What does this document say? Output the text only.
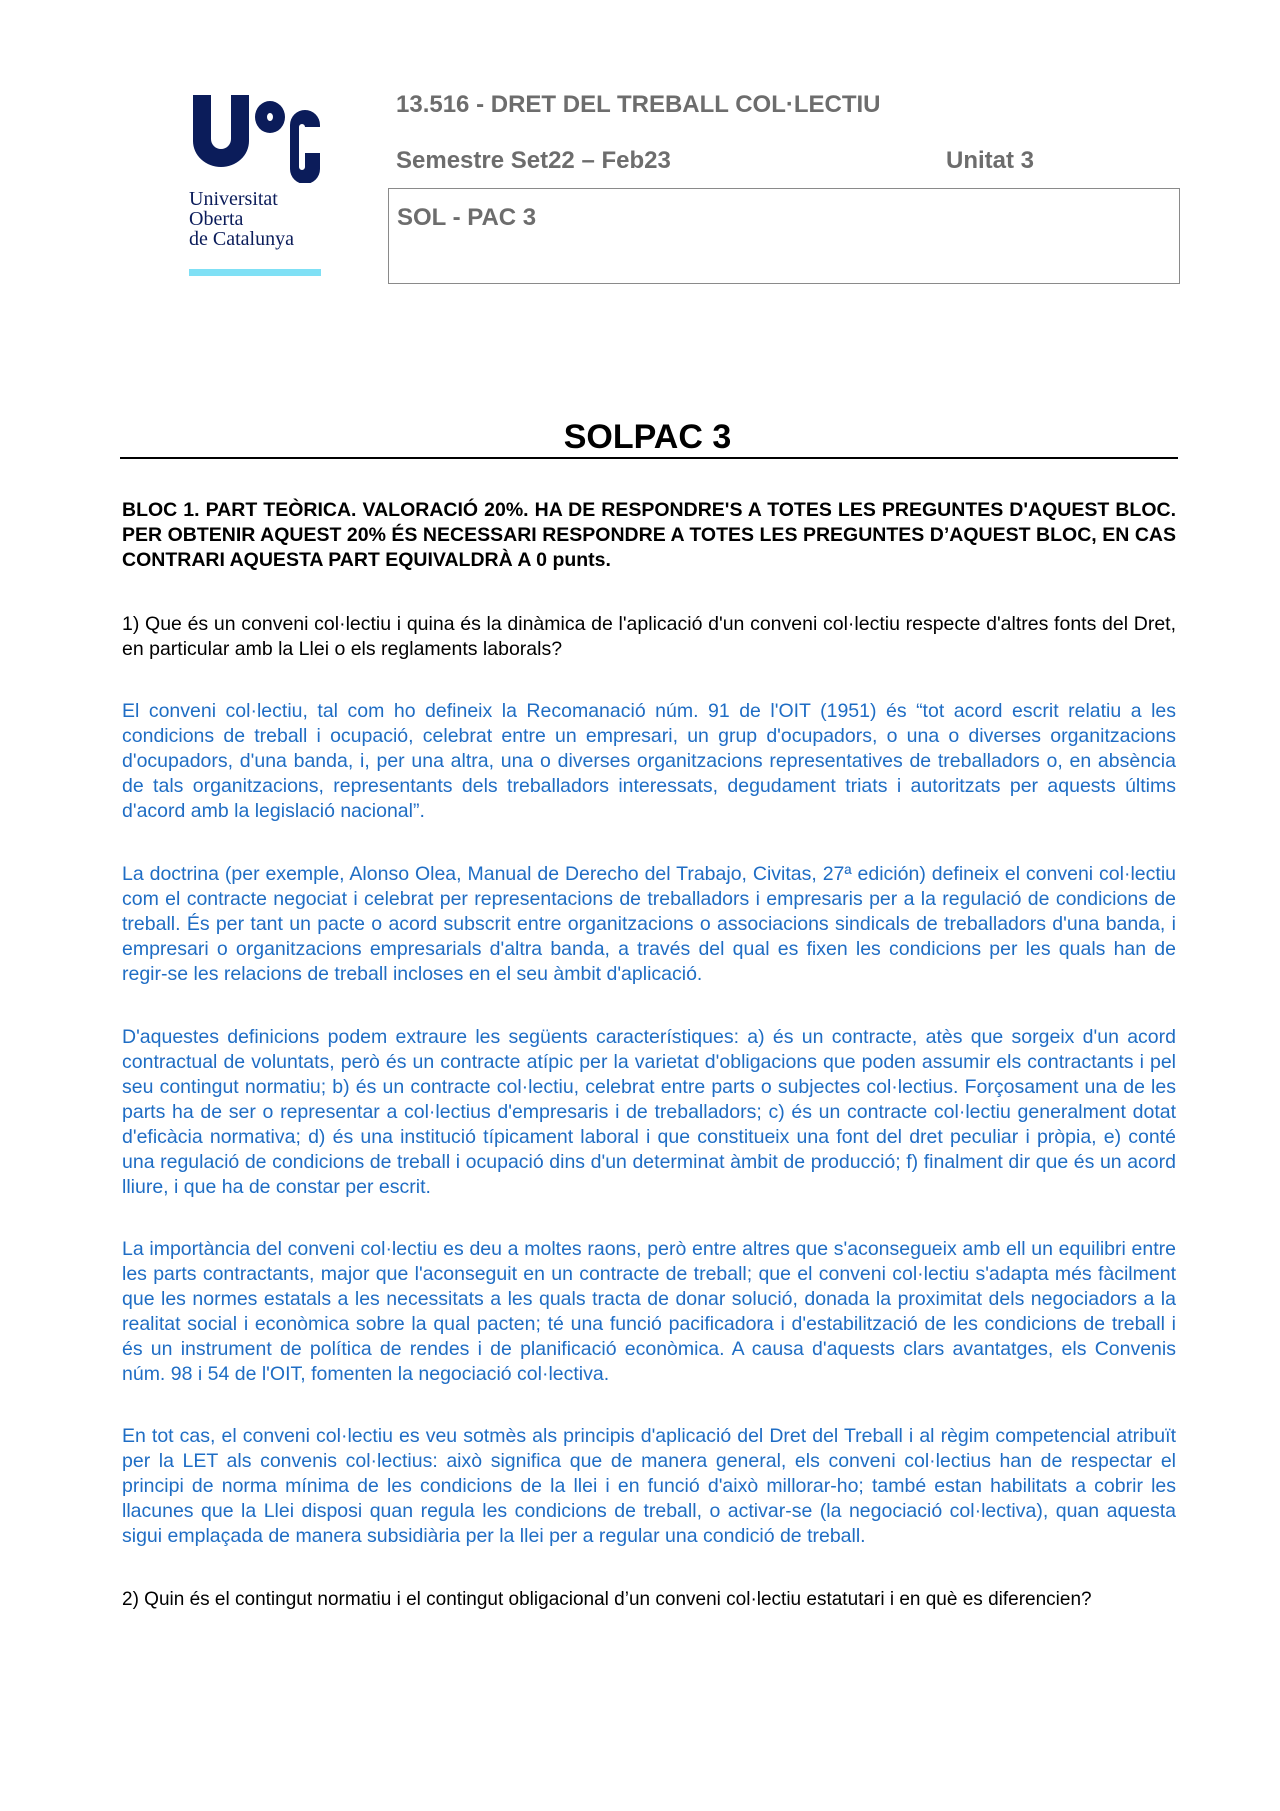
Universitat
Oberta
de Catalunya
13.516 - DRET DEL TREBALL COL·LECTIU
Semestre Set22 – Feb23	Unitat 3
SOL - PAC 3
SOLPAC 3
BLOC 1. PART TEÒRICA. VALORACIÓ 20%. HA DE RESPONDRE'S A TOTES LES PREGUNTES D'AQUEST BLOC. PER OBTENIR AQUEST 20% ÉS NECESSARI RESPONDRE A TOTES LES PREGUNTES D’AQUEST BLOC, EN CAS CONTRARI AQUESTA PART EQUIVALDRÀ A 0 punts.
1) Que és un conveni col·lectiu i quina és la dinàmica de l'aplicació d'un conveni col·lectiu respecte d'altres fonts del Dret, en particular amb la Llei o els reglaments laborals?
El conveni col·lectiu, tal com ho defineix la Recomanació núm. 91 de l'OIT (1951) és “tot acord escrit relatiu a les condicions de treball i ocupació, celebrat entre un empresari, un grup d'ocupadors, o una o diverses organitzacions d'ocupadors, d'una banda, i, per una altra, una o diverses organitzacions representatives de treballadors o, en absència de tals organitzacions, representants dels treballadors interessats, degudament triats i autoritzats per aquests últims d'acord amb la legislació nacional”.
La doctrina (per exemple, Alonso Olea, Manual de Derecho del Trabajo, Civitas, 27ª edición) defineix el conveni col·lectiu com el contracte negociat i celebrat per representacions de treballadors i empresaris per a la regulació de condicions de treball. És per tant un pacte o acord subscrit entre organitzacions o associacions sindicals de treballadors d'una banda, i empresari o organitzacions empresarials d'altra banda, a través del qual es fixen les condicions per les quals han de regir-se les relacions de treball incloses en el seu àmbit d'aplicació.
D'aquestes definicions podem extraure les següents característiques: a) és un contracte, atès que sorgeix d'un acord contractual de voluntats, però és un contracte atípic per la varietat d'obligacions que poden assumir els contractants i pel seu contingut normatiu; b) és un contracte col·lectiu, celebrat entre parts o subjectes col·lectius. Forçosament una de les parts ha de ser o representar a col·lectius d'empresaris i de treballadors; c) és un contracte col·lectiu generalment dotat d'eficàcia normativa; d) és una institució típicament laboral i que constitueix una font del dret peculiar i pròpia, e) conté una regulació de condicions de treball i ocupació dins d'un determinat àmbit de producció; f) finalment dir que és un acord lliure, i que ha de constar per escrit.
La importància del conveni col·lectiu es deu a moltes raons, però entre altres que s'aconsegueix amb ell un equilibri entre les parts contractants, major que l'aconseguit en un contracte de treball; que el conveni col·lectiu s'adapta més fàcilment que les normes estatals a les necessitats a les quals tracta de donar solució, donada la proximitat dels negociadors a la realitat social i econòmica sobre la qual pacten; té una funció pacificadora i d'estabilització de les condicions de treball i és un instrument de política de rendes i de planificació econòmica. A causa d'aquests clars avantatges, els Convenis núm. 98 i 54 de l'OIT, fomenten la negociació col·lectiva.
En tot cas, el conveni col·lectiu es veu sotmès als principis d'aplicació del Dret del Treball i al règim competencial atribuït per la LET als convenis col·lectius: això significa que de manera general, els conveni col·lectius han de respectar el principi de norma mínima de les condicions de la llei i en funció d'això millorar-ho; també estan habilitats a cobrir les llacunes que la Llei disposi quan regula les condicions de treball, o activar-se (la negociació col·lectiva), quan aquesta sigui emplaçada de manera subsidiària per la llei per a regular una condició de treball.
2) Quin és el contingut normatiu i el contingut obligacional d’un conveni col·lectiu estatutari i en què es diferencien?
